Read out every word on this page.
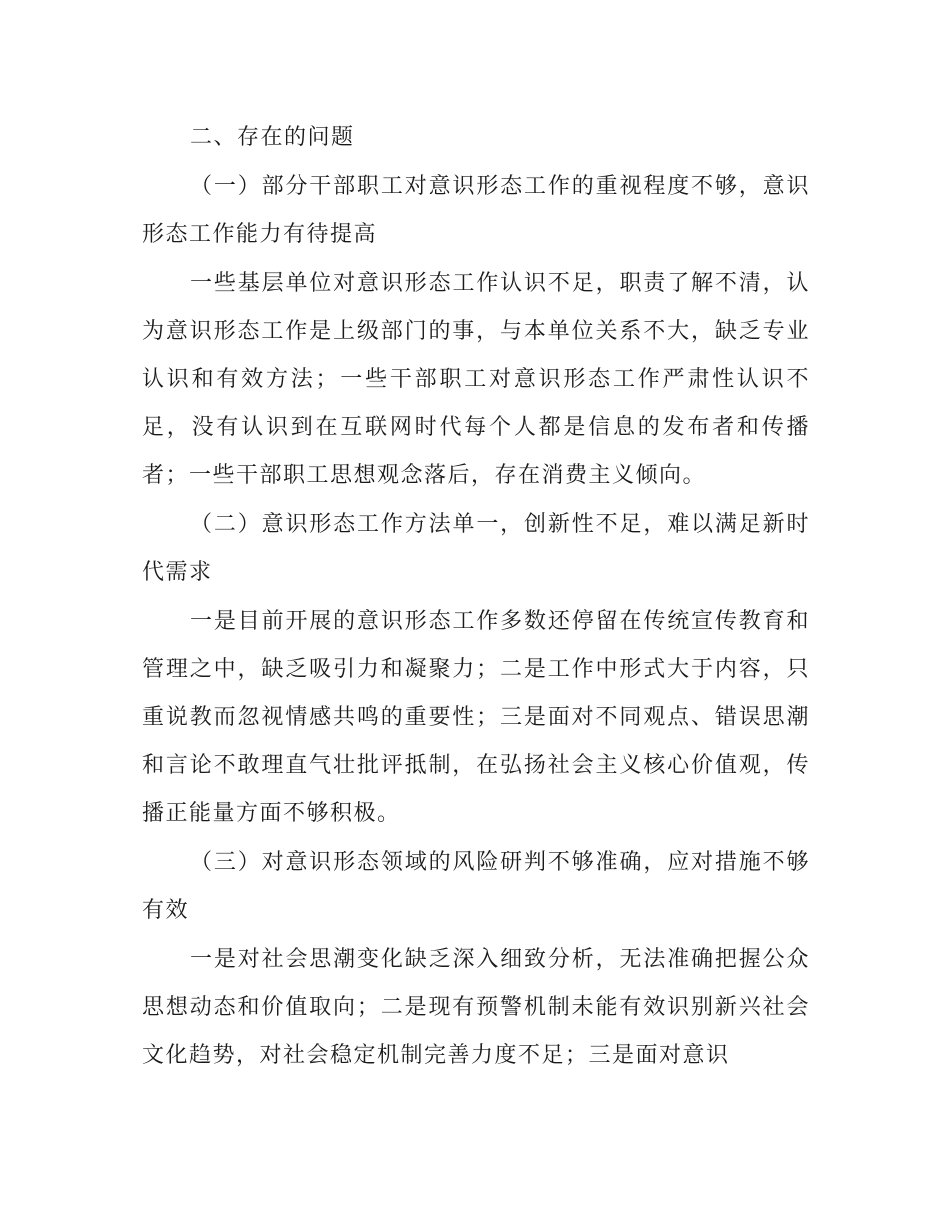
二、存在的问题

（一）部分干部职工对意识形态工作的重视程度不够，意识形态工作能力有待提高

一些基层单位对意识形态工作认识不足，职责了解不清，认为意识形态工作是上级部门的事，与本单位关系不大，缺乏专业认识和有效方法；一些干部职工对意识形态工作严肃性认识不足，没有认识到在互联网时代每个人都是信息的发布者和传播者；一些干部职工思想观念落后，存在消费主义倾向。

（二）意识形态工作方法单一，创新性不足，难以满足新时代需求

一是目前开展的意识形态工作多数还停留在传统宣传教育和管理之中，缺乏吸引力和凝聚力；二是工作中形式大于内容，只重说教而忽视情感共鸣的重要性；三是面对不同观点、错误思潮和言论不敢理直气壮批评抵制，在弘扬社会主义核心价值观，传播正能量方面不够积极。

（三）对意识形态领域的风险研判不够准确，应对措施不够有效

一是对社会思潮变化缺乏深入细致分析，无法准确把握公众思想动态和价值取向；二是现有预警机制未能有效识别新兴社会文化趋势，对社会稳定机制完善力度不足；三是面对意识
